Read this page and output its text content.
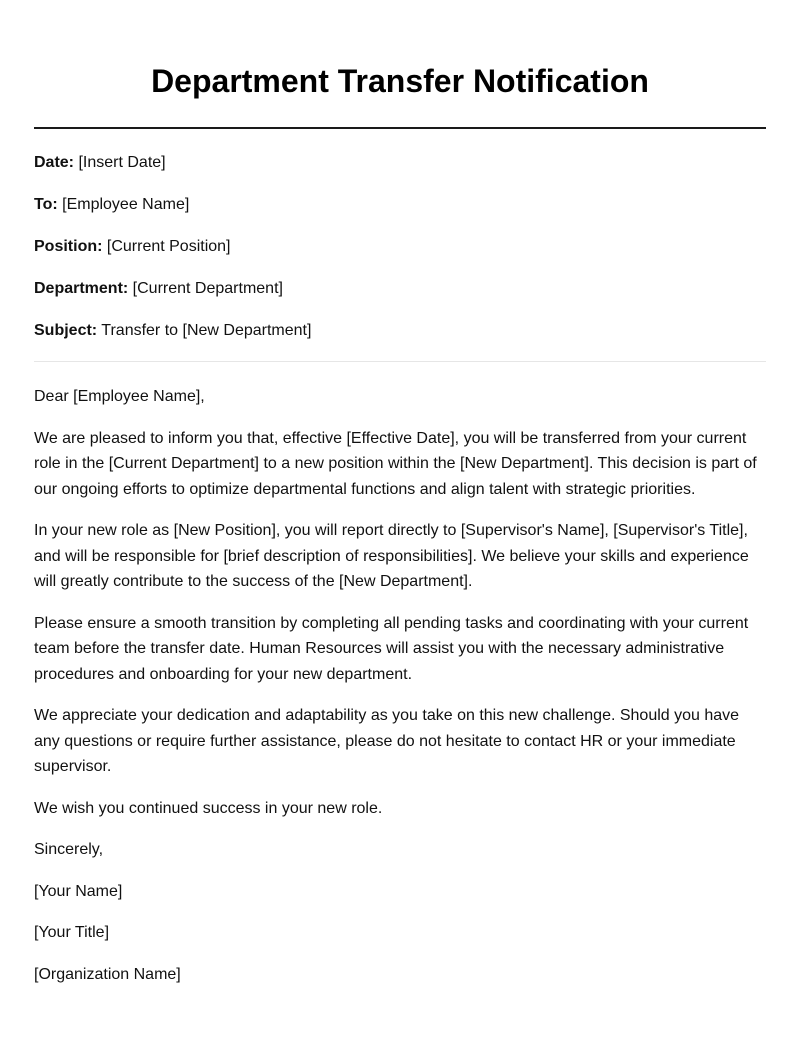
Department Transfer Notification

Date: [Insert Date]

To: [Employee Name]

Position: [Current Position]

Department: [Current Department]

Subject: Transfer to [New Department]

Dear [Employee Name],

We are pleased to inform you that, effective [Effective Date], you will be transferred from your current role in the [Current Department] to a new position within the [New Department]. This decision is part of our ongoing efforts to optimize departmental functions and align talent with strategic priorities.

In your new role as [New Position], you will report directly to [Supervisor's Name], [Supervisor's Title], and will be responsible for [brief description of responsibilities]. We believe your skills and experience will greatly contribute to the success of the [New Department].

Please ensure a smooth transition by completing all pending tasks and coordinating with your current team before the transfer date. Human Resources will assist you with the necessary administrative procedures and onboarding for your new department.

We appreciate your dedication and adaptability as you take on this new challenge. Should you have any questions or require further assistance, please do not hesitate to contact HR or your immediate supervisor.

We wish you continued success in your new role.

Sincerely,

[Your Name]

[Your Title]

[Organization Name]
